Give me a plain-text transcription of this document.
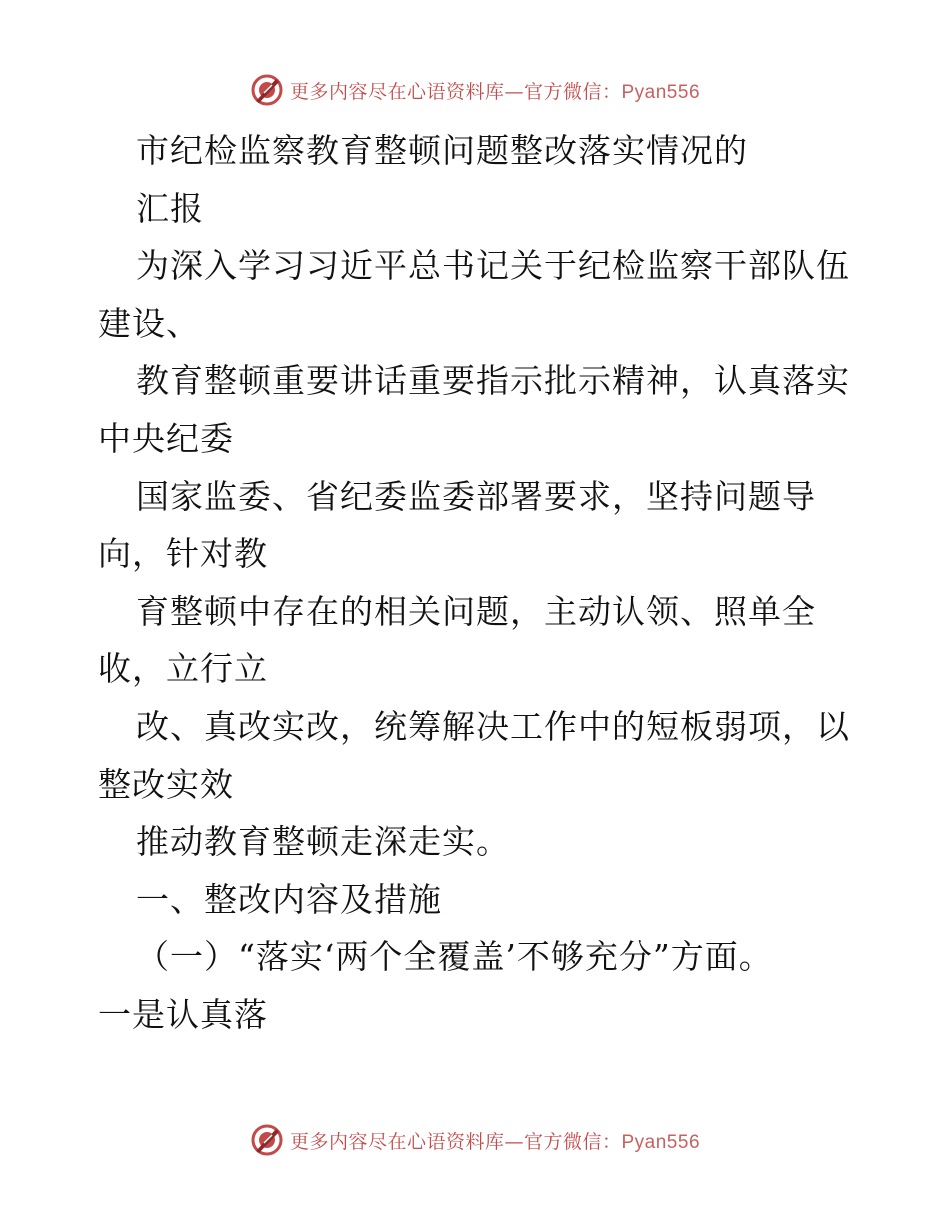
更多内容尽在心语资料库—官方微信：Pyan556
市纪检监察教育整顿问题整改落实情况的
汇报
为深入学习习近平总书记关于纪检监察干部队伍
建设、
教育整顿重要讲话重要指示批示精神，认真落实
中央纪委
国家监委、省纪委监委部署要求，坚持问题导
向，针对教
育整顿中存在的相关问题，主动认领、照单全
收，立行立
改、真改实改，统筹解决工作中的短板弱项，以
整改实效
推动教育整顿走深走实。
一、整改内容及措施
（一）“落实‘两个全覆盖’不够充分”方面。
一是认真落
更多内容尽在心语资料库—官方微信：Pyan556
